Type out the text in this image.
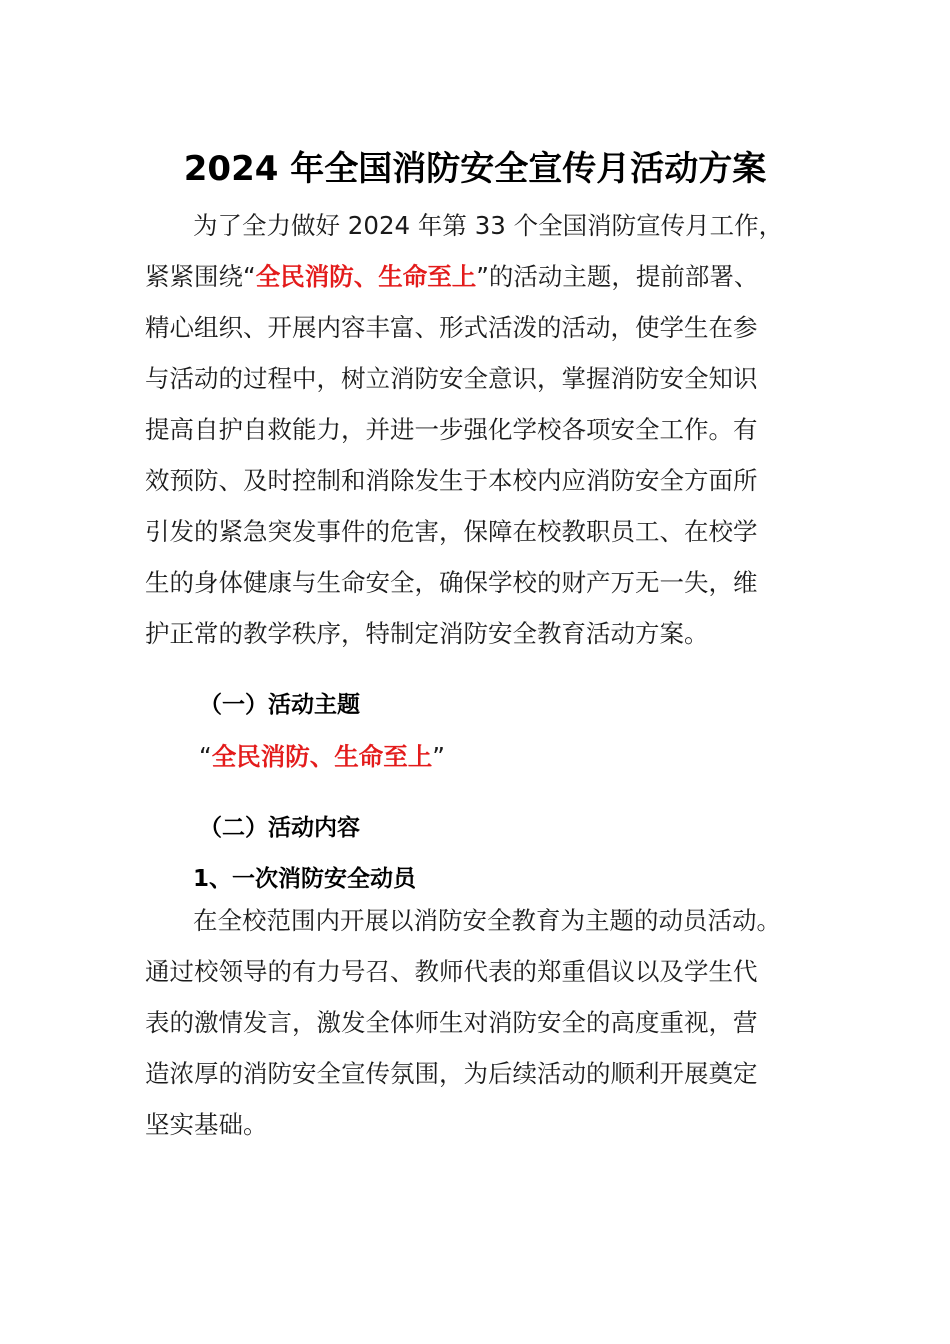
2024 年全国消防安全宣传月活动方案
为了全力做好 2024 年第 33 个全国消防宣传月工作，
紧紧围绕“全民消防、生命至上”的活动主题，提前部署、
精心组织、开展内容丰富、形式活泼的活动，使学生在参
与活动的过程中，树立消防安全意识，掌握消防安全知识
提高自护自救能力，并进一步强化学校各项安全工作。有
效预防、及时控制和消除发生于本校内应消防安全方面所
引发的紧急突发事件的危害，保障在校教职员工、在校学
生的身体健康与生命安全，确保学校的财产万无一失，维
护正常的教学秩序，特制定消防安全教育活动方案。
（一）活动主题
“全民消防、生命至上”
（二）活动内容
1、一次消防安全动员
在全校范围内开展以消防安全教育为主题的动员活动。
通过校领导的有力号召、教师代表的郑重倡议以及学生代
表的激情发言，激发全体师生对消防安全的高度重视，营
造浓厚的消防安全宣传氛围，为后续活动的顺利开展奠定
坚实基础。
